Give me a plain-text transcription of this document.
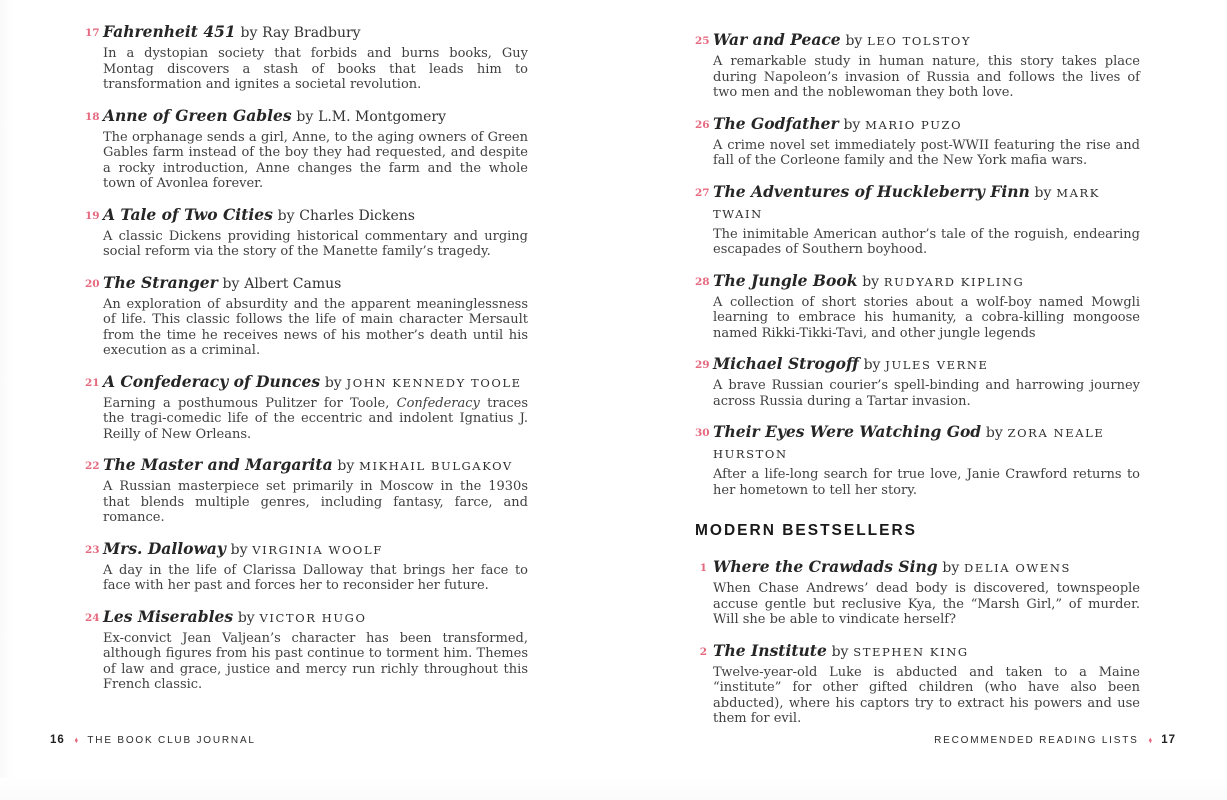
17 Fahrenheit 451 by Ray Bradbury

In a dystopian society that forbids and burns books, Guy Montag discovers a stash of books that leads him to transformation and ignites a societal revolution.

18 Anne of Green Gables by L.M. Montgomery

The orphanage sends a girl, Anne, to the aging owners of Green Gables farm instead of the boy they had requested, and despite a rocky introduction, Anne changes the farm and the whole town of Avonlea forever.

19 A Tale of Two Cities by Charles Dickens

A classic Dickens providing historical commentary and urging social reform via the story of the Manette family’s tragedy.

20 The Stranger by Albert Camus

An exploration of absurdity and the apparent meaninglessness of life. This classic follows the life of main character Mersault from the time he receives news of his mother’s death until his execution as a criminal.

21 A Confederacy of Dunces by JOHN KENNEDY TOOLE

Earning a posthumous Pulitzer for Toole, Confederacy traces the tragi-comedic life of the eccentric and indolent Ignatius J. Reilly of New Orleans.

22 The Master and Margarita by MIKHAIL BULGAKOV

A Russian masterpiece set primarily in Moscow in the 1930s that blends multiple genres, including fantasy, farce, and romance.

23 Mrs. Dalloway by VIRGINIA WOOLF

A day in the life of Clarissa Dalloway that brings her face to face with her past and forces her to reconsider her future.

24 Les Miserables by VICTOR HUGO

Ex-convict Jean Valjean’s character has been transformed, although figures from his past continue to torment him. Themes of law and grace, justice and mercy run richly throughout this French classic.

25 War and Peace by LEO TOLSTOY

A remarkable study in human nature, this story takes place during Napoleon’s invasion of Russia and follows the lives of two men and the noblewoman they both love.

26 The Godfather by MARIO PUZO

A crime novel set immediately post-WWII featuring the rise and fall of the Corleone family and the New York mafia wars.

27 The Adventures of Huckleberry Finn by MARK TWAIN

The inimitable American author’s tale of the roguish, endearing escapades of Southern boyhood.

28 The Jungle Book by RUDYARD KIPLING

A collection of short stories about a wolf-boy named Mowgli learning to embrace his humanity, a cobra-killing mongoose named Rikki-Tikki-Tavi, and other jungle legends

29 Michael Strogoff by JULES VERNE

A brave Russian courier’s spell-binding and harrowing journey across Russia during a Tartar invasion.

30 Their Eyes Were Watching God by ZORA NEALE HURSTON

After a life-long search for true love, Janie Crawford returns to her hometown to tell her story.

MODERN BESTSELLERS
1 Where the Crawdads Sing by DELIA OWENS

When Chase Andrews’ dead body is discovered, townspeople accuse gentle but reclusive Kya, the “Marsh Girl,” of murder. Will she be able to vindicate herself?

2 The Institute by STEPHEN KING

Twelve-year-old Luke is abducted and taken to a Maine “institute” for other gifted children (who have also been abducted), where his captors try to extract his powers and use them for evil.

16 ♦ THE BOOK CLUB JOURNAL	RECOMMENDED READING LISTS ♦ 17
